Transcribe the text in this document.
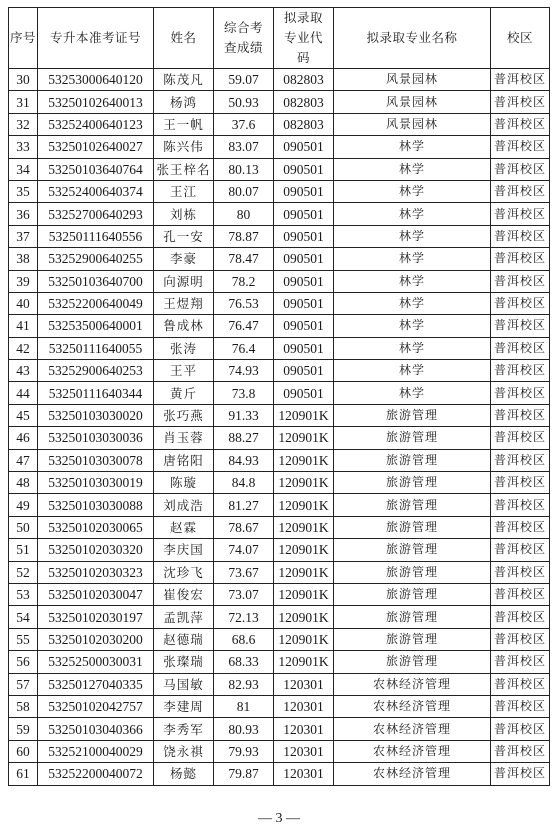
序号	专升本准考证号	姓名	综合考查成绩	拟录取专业代码	拟录取专业名称	校区
30	53253000640120	陈茂凡	59.07	082803	风景园林	普洱校区
31	53250102640013	杨鸿	50.93	082803	风景园林	普洱校区
32	53252400640123	王一帆	37.6	082803	风景园林	普洱校区
33	53250102640027	陈兴伟	83.07	090501	林学	普洱校区
34	53250103640764	张王梓名	80.13	090501	林学	普洱校区
35	53252400640374	王江	80.07	090501	林学	普洱校区
36	53252700640293	刘栋	80	090501	林学	普洱校区
37	53250111640556	孔一安	78.87	090501	林学	普洱校区
38	53252900640255	李豪	78.47	090501	林学	普洱校区
39	53250103640700	向源明	78.2	090501	林学	普洱校区
40	53252200640049	王煜翔	76.53	090501	林学	普洱校区
41	53253500640001	鲁成林	76.47	090501	林学	普洱校区
42	53250111640055	张涛	76.4	090501	林学	普洱校区
43	53252900640253	王平	74.93	090501	林学	普洱校区
44	53250111640344	黄斤	73.8	090501	林学	普洱校区
45	53250103030020	张巧燕	91.33	120901K	旅游管理	普洱校区
46	53250103030036	肖玉蓉	88.27	120901K	旅游管理	普洱校区
47	53250103030078	唐铭阳	84.93	120901K	旅游管理	普洱校区
48	53250103030019	陈璇	84.8	120901K	旅游管理	普洱校区
49	53250103030088	刘成浩	81.27	120901K	旅游管理	普洱校区
50	53250102030065	赵霖	78.67	120901K	旅游管理	普洱校区
51	53250102030320	李庆国	74.07	120901K	旅游管理	普洱校区
52	53250102030323	沈珍飞	73.67	120901K	旅游管理	普洱校区
53	53250102030047	崔俊宏	73.07	120901K	旅游管理	普洱校区
54	53250102030197	孟凯萍	72.13	120901K	旅游管理	普洱校区
55	53250102030200	赵德瑞	68.6	120901K	旅游管理	普洱校区
56	53252500030031	张璨瑞	68.33	120901K	旅游管理	普洱校区
57	53250127040335	马国敏	82.93	120301	农林经济管理	普洱校区
58	53250102042757	李建周	81	120301	农林经济管理	普洱校区
59	53250103040366	李秀军	80.93	120301	农林经济管理	普洱校区
60	53252100040029	饶永祺	79.93	120301	农林经济管理	普洱校区
61	53252200040072	杨懿	79.87	120301	农林经济管理	普洱校区
— 3 —
